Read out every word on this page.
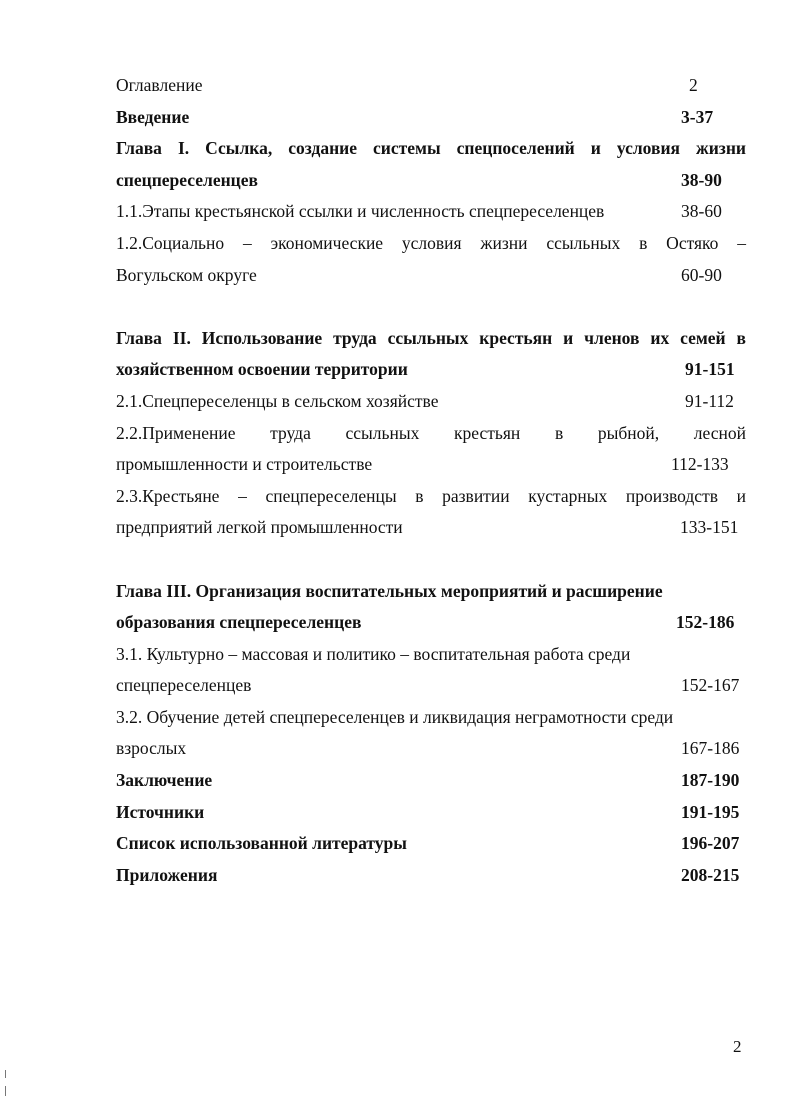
Оглавление	2
Введение	3-37
Глава I. Ссылка, создание системы спецпоселений и условия жизни
спецпереселенцев	38-90
1.1.Этапы крестьянской ссылки и численность спецпереселенцев	38-60
1.2.Социально – экономические условия жизни ссыльных в Остяко –
Вогульском округе	60-90
Глава II. Использование труда ссыльных крестьян и членов их семей в
хозяйственном освоении территории	91-151
2.1.Спецпереселенцы в сельском хозяйстве	91-112
2.2.Применение труда ссыльных крестьян в рыбной, лесной
промышленности и строительстве	112-133
2.3.Крестьяне – спецпереселенцы в развитии кустарных производств и
предприятий легкой промышленности	133-151
Глава III. Организация воспитательных мероприятий и расширение
образования спецпереселенцев	152-186
3.1. Культурно – массовая и политико – воспитательная работа среди
спецпереселенцев	152-167
3.2. Обучение детей спецпереселенцев и ликвидация неграмотности среди
взрослых	167-186
Заключение	187-190
Источники	191-195
Список использованной литературы	196-207
Приложения	208-215
2
